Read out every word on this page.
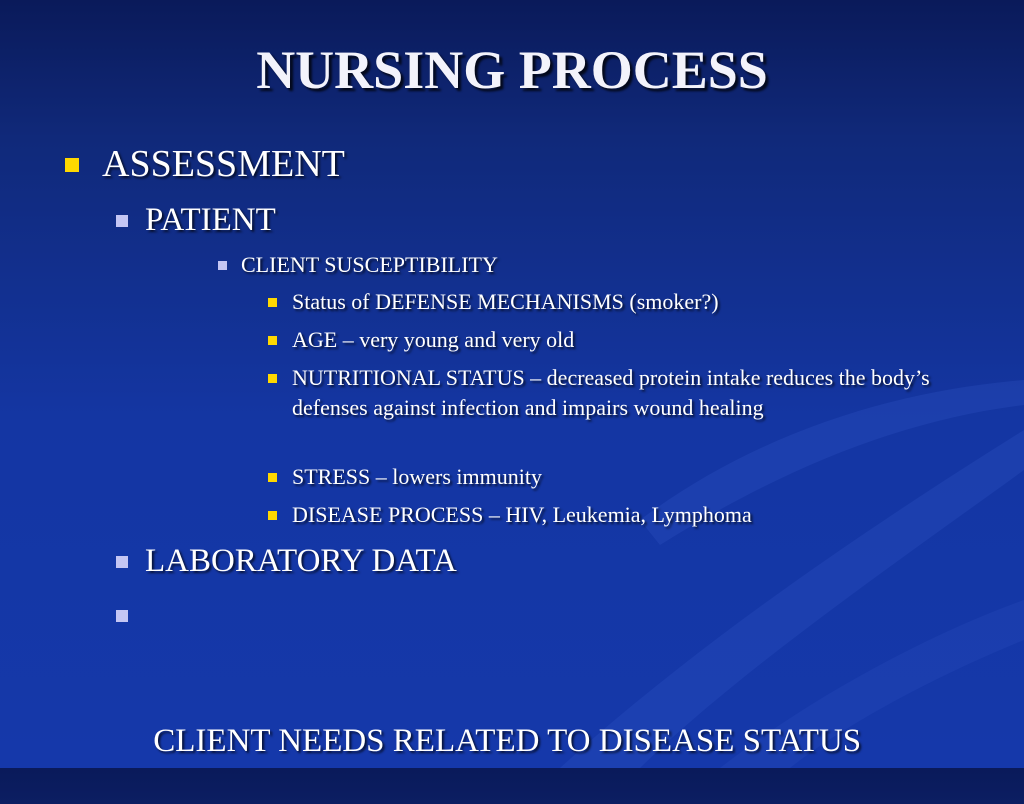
NURSING PROCESS
ASSESSMENT
PATIENT
CLIENT SUSCEPTIBILITY
Status of DEFENSE MECHANISMS (smoker?)
AGE – very young and very old
NUTRITIONAL STATUS – decreased protein intake reduces the body’s defenses against infection and impairs wound healing
STRESS – lowers immunity
DISEASE PROCESS – HIV, Leukemia, Lymphoma
LABORATORY DATA

CLIENT NEEDS RELATED TO DISEASE STATUS
